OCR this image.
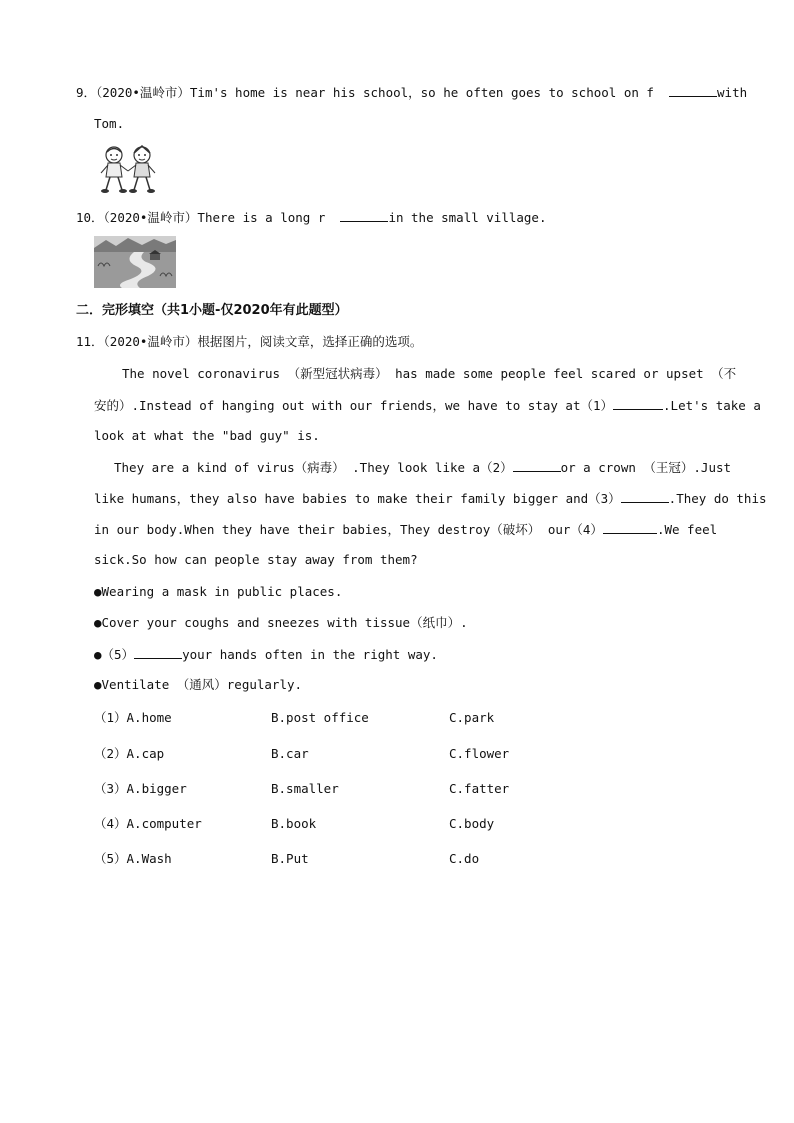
9．（2020•温岭市）Tim's home is near his school，so he often goes to school on f	with
Tom.
10．（2020•温岭市）There is a long r	in the small village.
二．完形填空（共1小题-仅2020年有此题型）
11．（2020•温岭市）根据图片，阅读文章，选择正确的选项。
The novel coronavirus （新型冠状病毒） has made some people feel scared or upset （不
安的）.Instead of hanging out with our friends，we have to stay at（1）	.Let's take a
look at what the "bad guy" is.
They are a kind of virus（病毒） .They look like a（2）	or a crown （王冠）.Just
like humans，they also have babies to make their family bigger and（3）	.They do this
in our body.When they have their babies，They destroy（破坏） our（4）	.We feel
sick.So how can people stay away from them?
●Wearing a mask in public places.
●Cover your coughs and sneezes with tissue（纸巾）.
●（5）	your hands often in the right way.
●Ventilate （通风）regularly.
（1）A.home	B.post office	C.park
（2）A.cap	B.car	C.flower
（3）A.bigger	B.smaller	C.fatter
（4）A.computer	B.book	C.body
（5）A.Wash	B.Put	C.do
